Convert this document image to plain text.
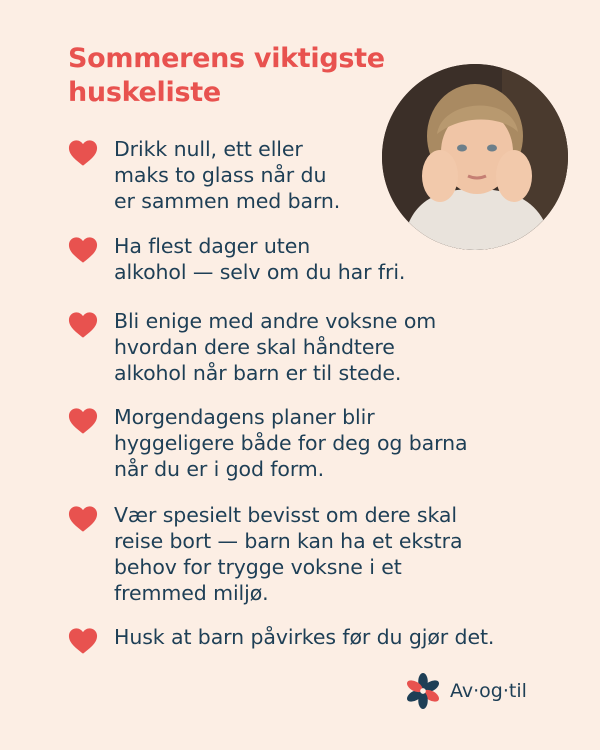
Sommerens viktigste huskeliste
Drikk null, ett eller
maks to glass når du
er sammen med barn.
Ha flest dager uten
alkohol — selv om du har fri.
Bli enige med andre voksne om
hvordan dere skal håndtere
alkohol når barn er til stede.
Morgendagens planer blir
hyggeligere både for deg og barna
når du er i god form.
Vær spesielt bevisst om dere skal
reise bort — barn kan ha et ekstra
behov for trygge voksne i et
fremmed miljø.
Husk at barn påvirkes før du gjør det.
Av·og·til
